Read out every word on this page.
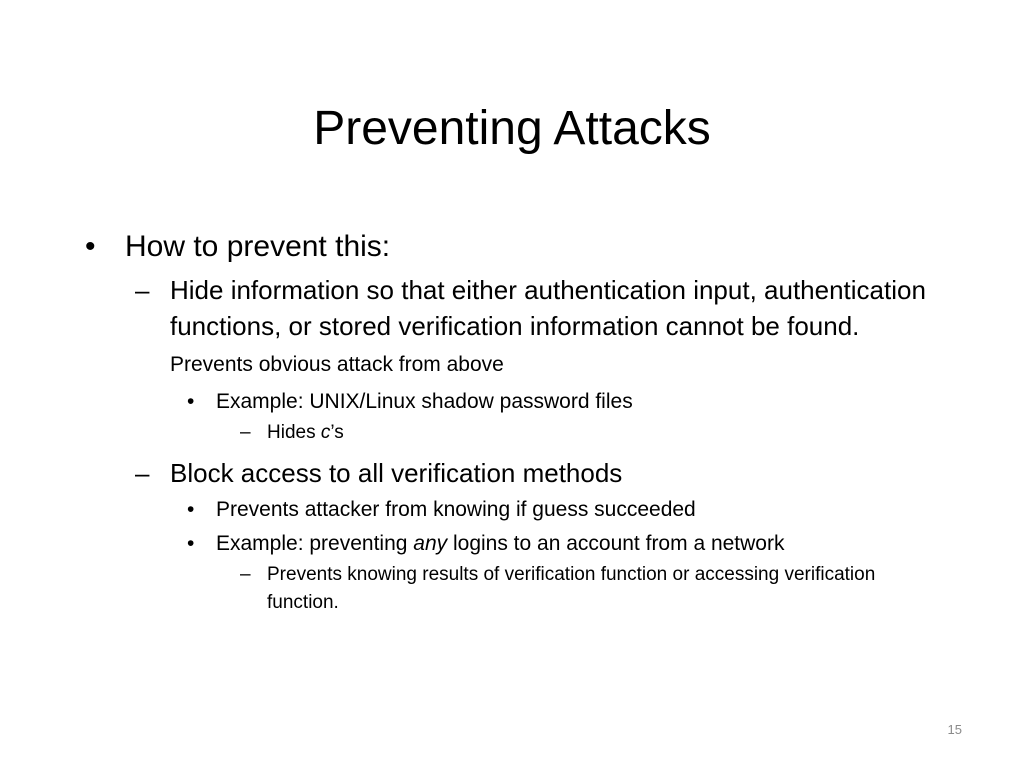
Preventing Attacks
• How to prevent this:
– Hide information so that either authentication input, authentication functions, or stored verification information cannot be found. Prevents obvious attack from above
• Example: UNIX/Linux shadow password files
– Hides c’s
– Block access to all verification methods
• Prevents attacker from knowing if guess succeeded
• Example: preventing any logins to an account from a network
– Prevents knowing results of verification function or accessing verification function.
15
